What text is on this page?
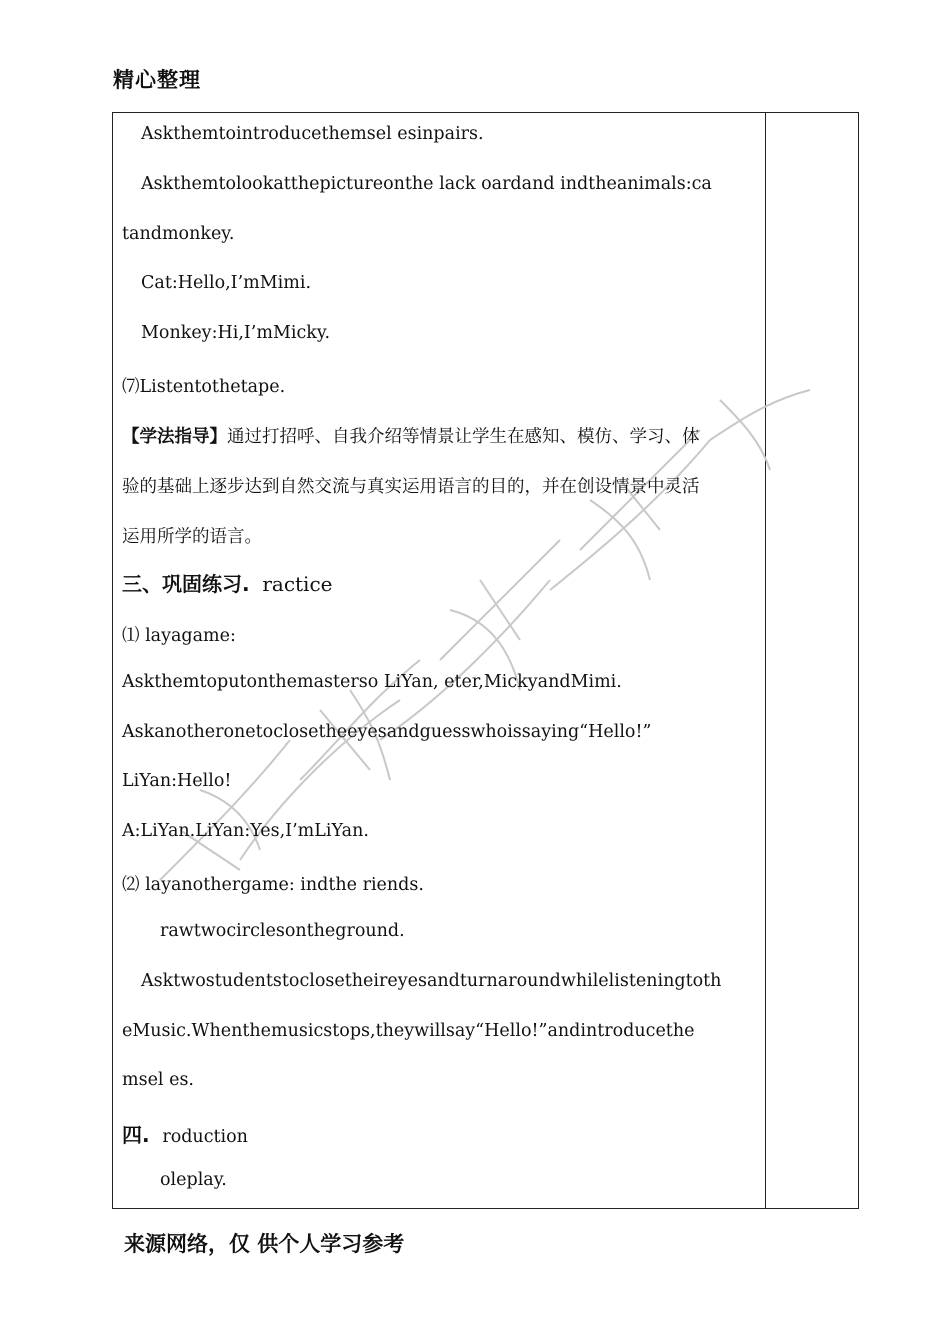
精心整理
Askthemtointroducethemsel esinpairs.
Askthemtolookatthepictureonthe lack oardand indtheanimals:ca
tandmonkey.
Cat:Hello,I’mMimi.
Monkey:Hi,I’mMicky.
⑺Listentothetape.
【学法指导】通过打招呼、自我介绍等情景让学生在感知、模仿、学习、体
验的基础上逐步达到自然交流与真实运用语言的目的，并在创设情景中灵活
运用所学的语言。
三、巩固练习. ractice
⑴ layagame:
Askthemtoputonthemasterso LiYan, eter,MickyandMimi.
Askanotheronetoclosetheeyesandguesswhoissaying“Hello!”
LiYan:Hello!
A:LiYan.LiYan:Yes,I’mLiYan.
⑵ layanothergame: indthe riends.
rawtwocirclesontheground.
Asktwostudentstoclosetheireyesandturnaroundwhilelisteningtoth
eMusic.Whenthemusicstops,theywillsay“Hello!”andintroducethe
msel es.
四. roduction
oleplay.
来源网络，仅 供个人学习参考
